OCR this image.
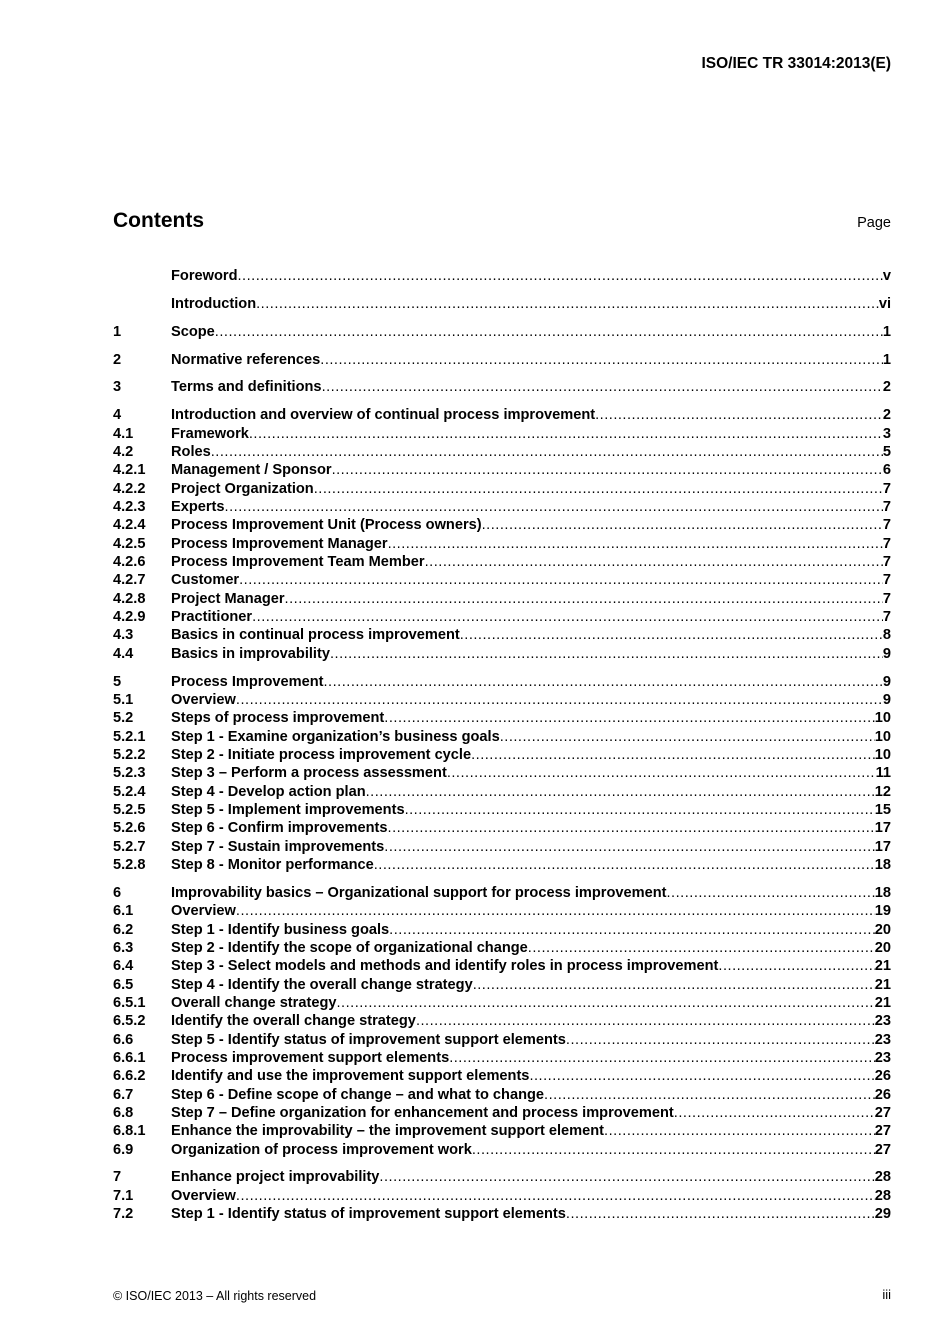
ISO/IEC TR 33014:2013(E)
Contents	Page
Foreword .....	v
Introduction .....	vi
1	Scope .....	1
2	Normative references .....	1
3	Terms and definitions .....	2
4	Introduction and overview of continual process improvement .....	2
4.1	Framework .....	3
4.2	Roles .....	5
4.2.1	Management / Sponsor .....	6
4.2.2	Project Organization .....	7
4.2.3	Experts .....	7
4.2.4	Process Improvement Unit (Process owners) .....	7
4.2.5	Process Improvement Manager .....	7
4.2.6	Process Improvement Team Member .....	7
4.2.7	Customer .....	7
4.2.8	Project Manager .....	7
4.2.9	Practitioner .....	7
4.3	Basics in continual process improvement .....	8
4.4	Basics in improvability .....	9
5	Process Improvement .....	9
5.1	Overview .....	9
5.2	Steps of process improvement .....	10
5.2.1	Step 1 - Examine organization’s business goals .....	10
5.2.2	Step 2 - Initiate process improvement cycle .....	10
5.2.3	Step 3 – Perform a process assessment .....	11
5.2.4	Step 4 - Develop action plan .....	12
5.2.5	Step 5 - Implement improvements .....	15
5.2.6	Step 6 - Confirm improvements .....	17
5.2.7	Step 7 - Sustain improvements .....	17
5.2.8	Step 8 - Monitor performance .....	18
6	Improvability basics – Organizational support for process improvement .....	18
6.1	Overview .....	19
6.2	Step 1 - Identify business goals .....	20
6.3	Step 2 - Identify the scope of organizational change .....	20
6.4	Step 3 - Select models and methods and identify roles in process improvement .....	21
6.5	Step 4 - Identify the overall change strategy .....	21
6.5.1	Overall change strategy .....	21
6.5.2	Identify the overall change strategy .....	23
6.6	Step 5 - Identify status of improvement support elements .....	23
6.6.1	Process improvement support elements .....	23
6.6.2	Identify and use the improvement support elements .....	26
6.7	Step 6 - Define scope of change – and what to change .....	26
6.8	Step 7 – Define organization for enhancement and process improvement .....	27
6.8.1	Enhance the improvability – the improvement support element .....	27
6.9	Organization of process improvement work .....	27
7	Enhance project improvability .....	28
7.1	Overview .....	28
7.2	Step 1 - Identify status of improvement support elements .....	29
© ISO/IEC 2013 – All rights reserved	iii
